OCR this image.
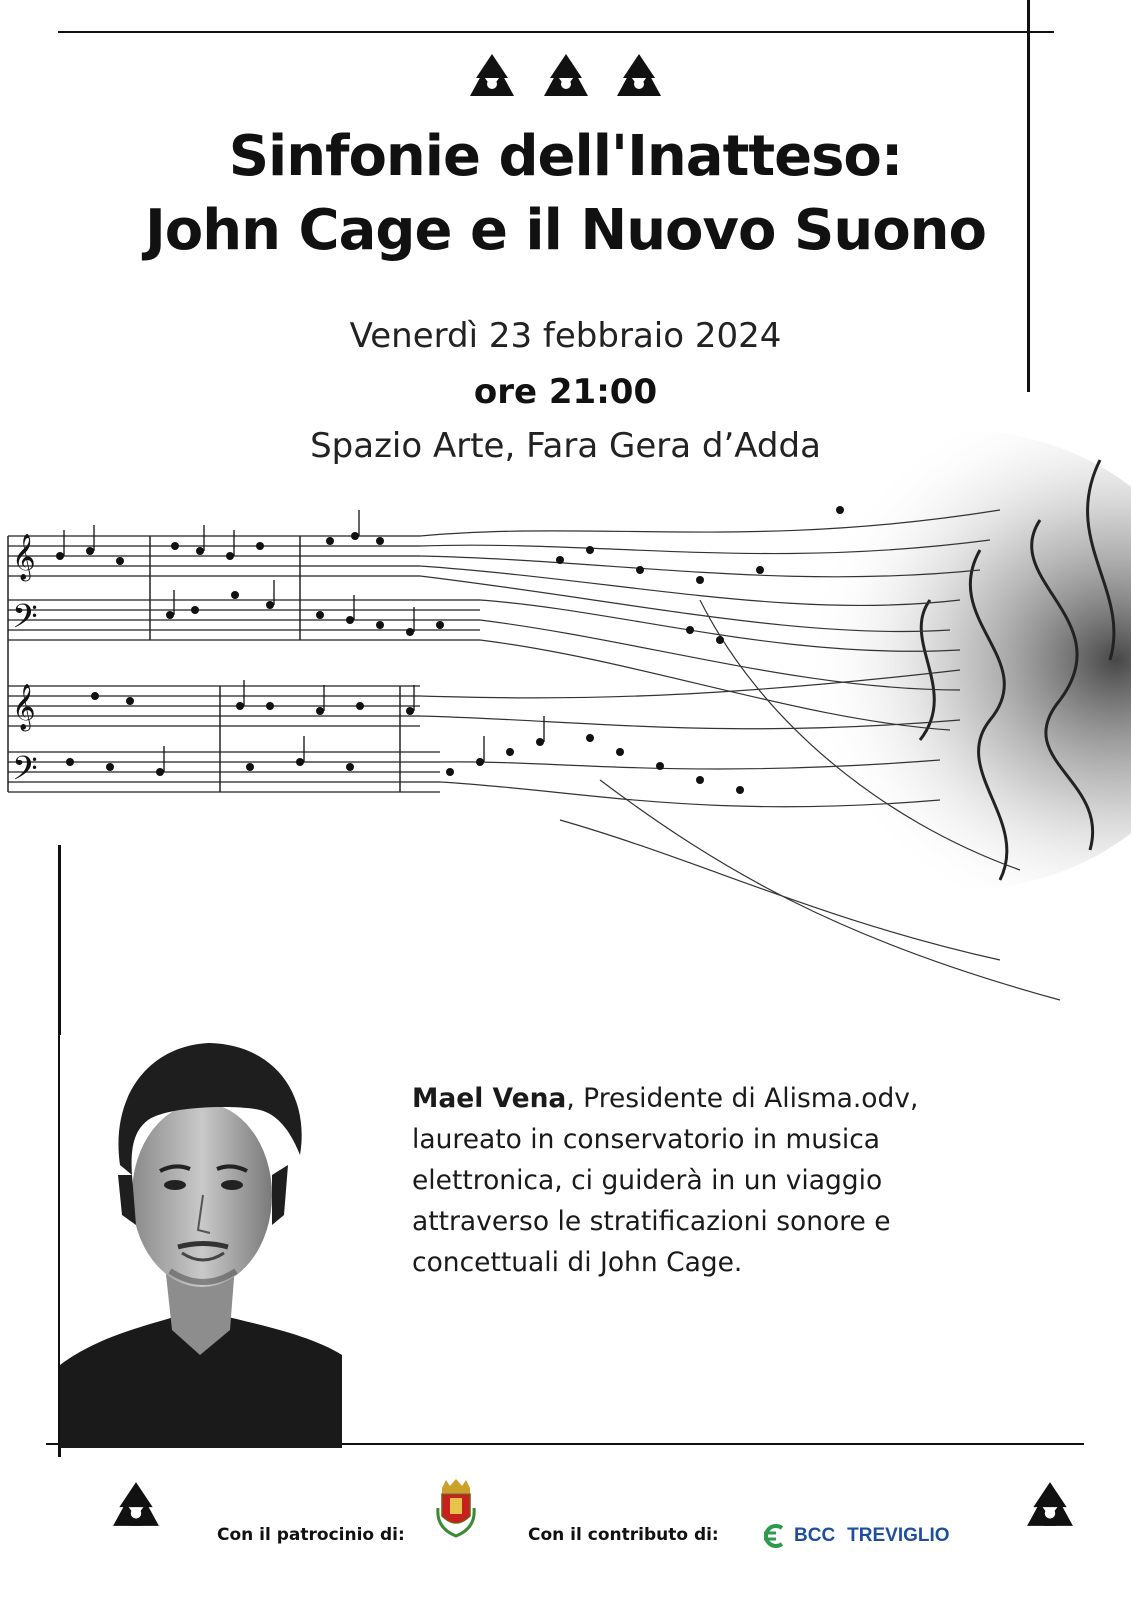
Sinfonie dell'Inatteso:
John Cage e il Nuovo Suono
Venerdì 23 febbraio 2024
ore 21:00
Spazio Arte, Fara Gera d’Adda
𝄞
𝄢
𝄞
𝄢
Mael Vena, Presidente di Alisma.odv, laureato in conservatorio in musica elettronica, ci guiderà in un viaggio attraverso le stratificazioni sonore e concettuali di John Cage.
Con il patrocinio di:	Con il contributo di:	BCC TREVIGLIO
